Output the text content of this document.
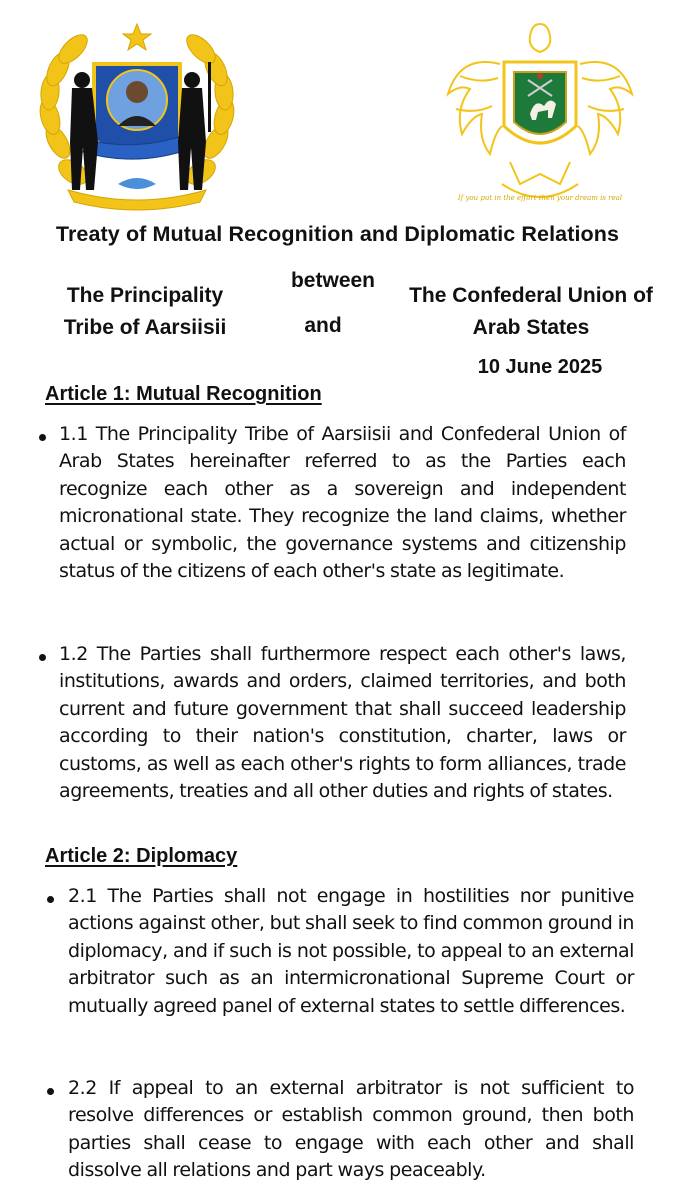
If you put in the effort then your dream is real
Treaty of Mutual Recognition and Diplomatic Relations
The Principality Tribe of Aarsiisii
between
and
The Confederal Union of Arab States
10 June 2025
Article 1: Mutual Recognition
1.1 The Principality Tribe of Aarsiisii and Confederal Union of Arab States hereinafter referred to as the Parties each recognize each other as a sovereign and independent micronational state. They recognize the land claims, whether actual or symbolic, the governance systems and citizenship status of the citizens of each other's state as legitimate.
1.2 The Parties shall furthermore respect each other's laws, institutions, awards and orders, claimed territories, and both current and future government that shall succeed leadership according to their nation's constitution, charter, laws or customs, as well as each other's rights to form alliances, trade agreements, treaties and all other duties and rights of states.
Article 2: Diplomacy
2.1 The Parties shall not engage in hostilities nor punitive actions against other, but shall seek to find common ground in diplomacy, and if such is not possible, to appeal to an external arbitrator such as an intermicronational Supreme Court or mutually agreed panel of external states to settle differences.
2.2 If appeal to an external arbitrator is not sufficient to resolve differences or establish common ground, then both parties shall cease to engage with each other and shall dissolve all relations and part ways peaceably.
